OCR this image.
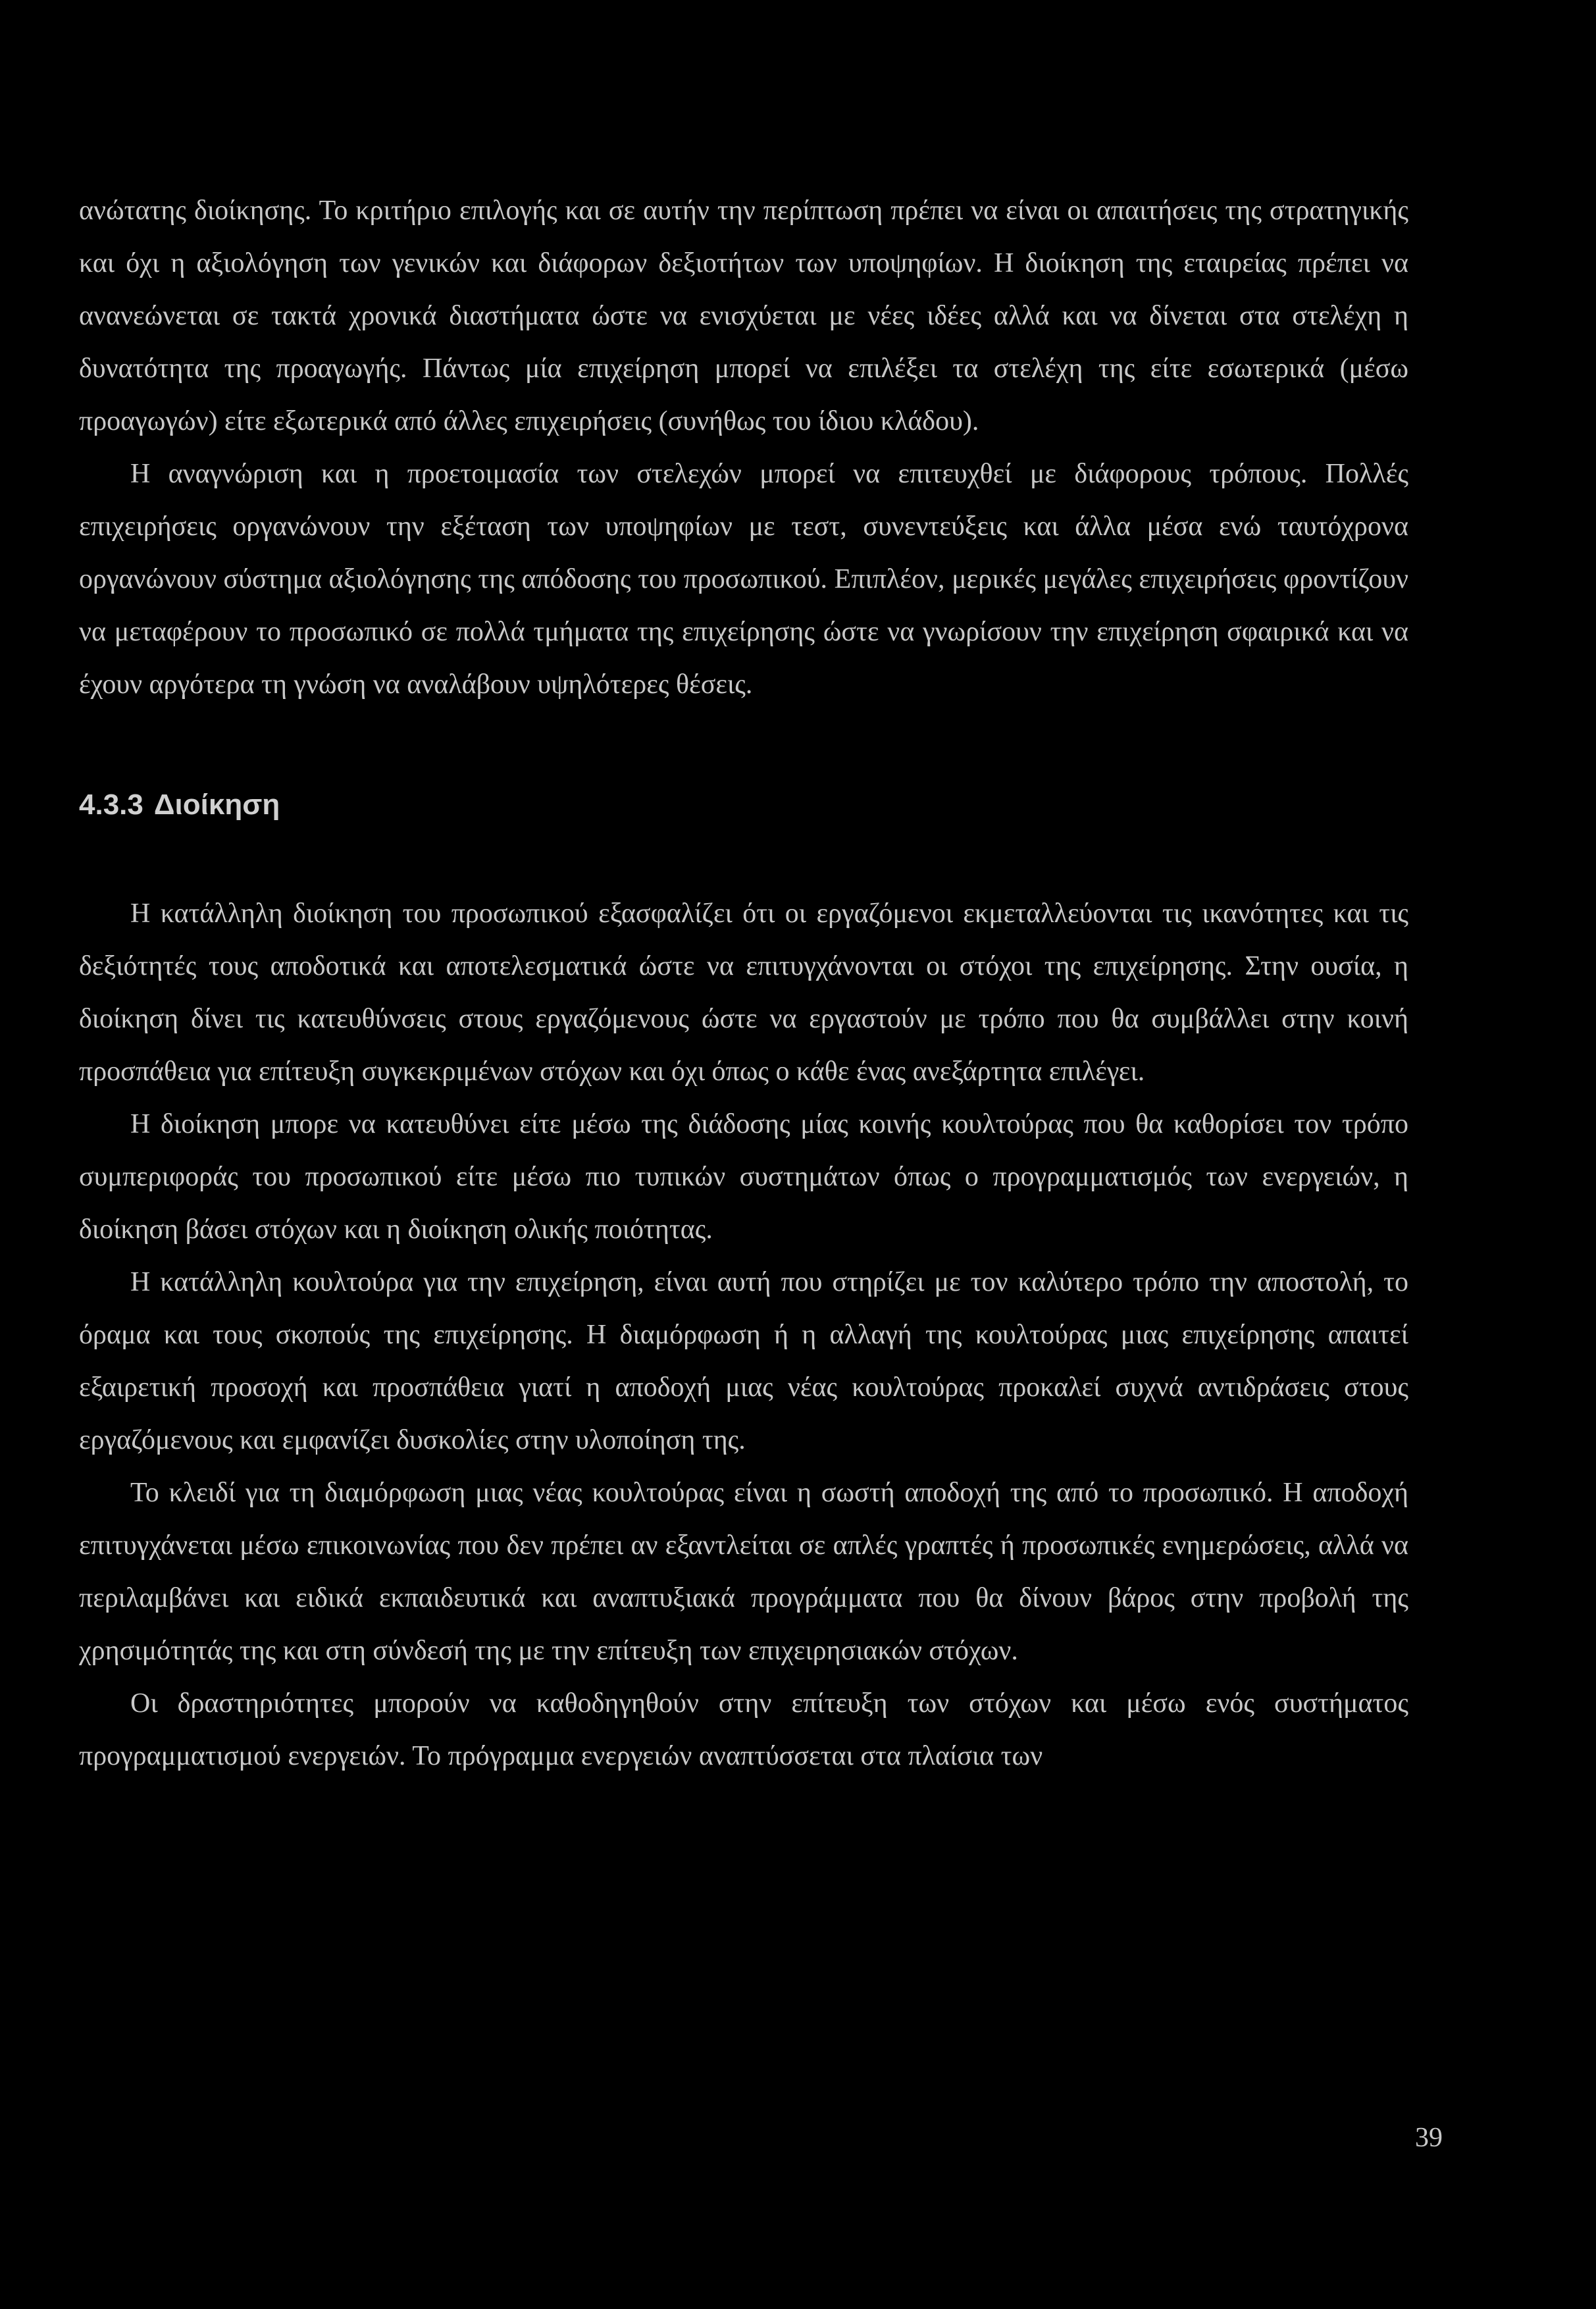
ανώτατης διοίκησης. Το κριτήριο επιλογής και σε αυτήν την περίπτωση πρέπει να είναι οι απαιτήσεις της στρατηγικής και όχι η αξιολόγηση των γενικών και διάφορων δεξιοτήτων των υποψηφίων. Η διοίκηση της εταιρείας πρέπει να ανανεώνεται σε τακτά χρονικά διαστήματα ώστε να ενισχύεται με νέες ιδέες αλλά και να δίνεται στα στελέχη η δυνατότητα της προαγωγής. Πάντως μία επιχείρηση μπορεί να επιλέξει τα στελέχη της είτε εσωτερικά (μέσω προαγωγών) είτε εξωτερικά από άλλες επιχειρήσεις (συνήθως του ίδιου κλάδου).

Η αναγνώριση και η προετοιμασία των στελεχών μπορεί να επιτευχθεί με διάφορους τρόπους. Πολλές επιχειρήσεις οργανώνουν την εξέταση των υποψηφίων με τεστ, συνεντεύξεις και άλλα μέσα ενώ ταυτόχρονα οργανώνουν σύστημα αξιολόγησης της απόδοσης του προσωπικού. Επιπλέον, μερικές μεγάλες επιχειρήσεις φροντίζουν να μεταφέρουν το προσωπικό σε πολλά τμήματα της επιχείρησης ώστε να γνωρίσουν την επιχείρηση σφαιρικά και να έχουν αργότερα τη γνώση να αναλάβουν υψηλότερες θέσεις.

4.3.3 Διοίκηση

Η κατάλληλη διοίκηση του προσωπικού εξασφαλίζει ότι οι εργαζόμενοι εκμεταλλεύονται τις ικανότητες και τις δεξιότητές τους αποδοτικά και αποτελεσματικά ώστε να επιτυγχάνονται οι στόχοι της επιχείρησης. Στην ουσία, η διοίκηση δίνει τις κατευθύνσεις στους εργαζόμενους ώστε να εργαστούν με τρόπο που θα συμβάλλει στην κοινή προσπάθεια για επίτευξη συγκεκριμένων στόχων και όχι όπως ο κάθε ένας ανεξάρτητα επιλέγει.

Η διοίκηση μπορε να κατευθύνει είτε μέσω της διάδοσης μίας κοινής κουλτούρας που θα καθορίσει τον τρόπο συμπεριφοράς του προσωπικού είτε μέσω πιο τυπικών συστημάτων όπως ο προγραμματισμός των ενεργειών, η διοίκηση βάσει στόχων και η διοίκηση ολικής ποιότητας.

Η κατάλληλη κουλτούρα για την επιχείρηση, είναι αυτή που στηρίζει με τον καλύτερο τρόπο την αποστολή, το όραμα και τους σκοπούς της επιχείρησης. Η διαμόρφωση ή η αλλαγή της κουλτούρας μιας επιχείρησης απαιτεί εξαιρετική προσοχή και προσπάθεια γιατί η αποδοχή μιας νέας κουλτούρας προκαλεί συχνά αντιδράσεις στους εργαζόμενους και εμφανίζει δυσκολίες στην υλοποίηση της.

Το κλειδί για τη διαμόρφωση μιας νέας κουλτούρας είναι η σωστή αποδοχή της από το προσωπικό. Η αποδοχή επιτυγχάνεται μέσω επικοινωνίας που δεν πρέπει αν εξαντλείται σε απλές γραπτές ή προσωπικές ενημερώσεις, αλλά να περιλαμβάνει και ειδικά εκπαιδευτικά και αναπτυξιακά προγράμματα που θα δίνουν βάρος στην προβολή της χρησιμότητάς της και στη σύνδεσή της με την επίτευξη των επιχειρησιακών στόχων.

Οι δραστηριότητες μπορούν να καθοδηγηθούν στην επίτευξη των στόχων και μέσω ενός συστήματος προγραμματισμού ενεργειών. Το πρόγραμμα ενεργειών αναπτύσσεται στα πλαίσια των

39
